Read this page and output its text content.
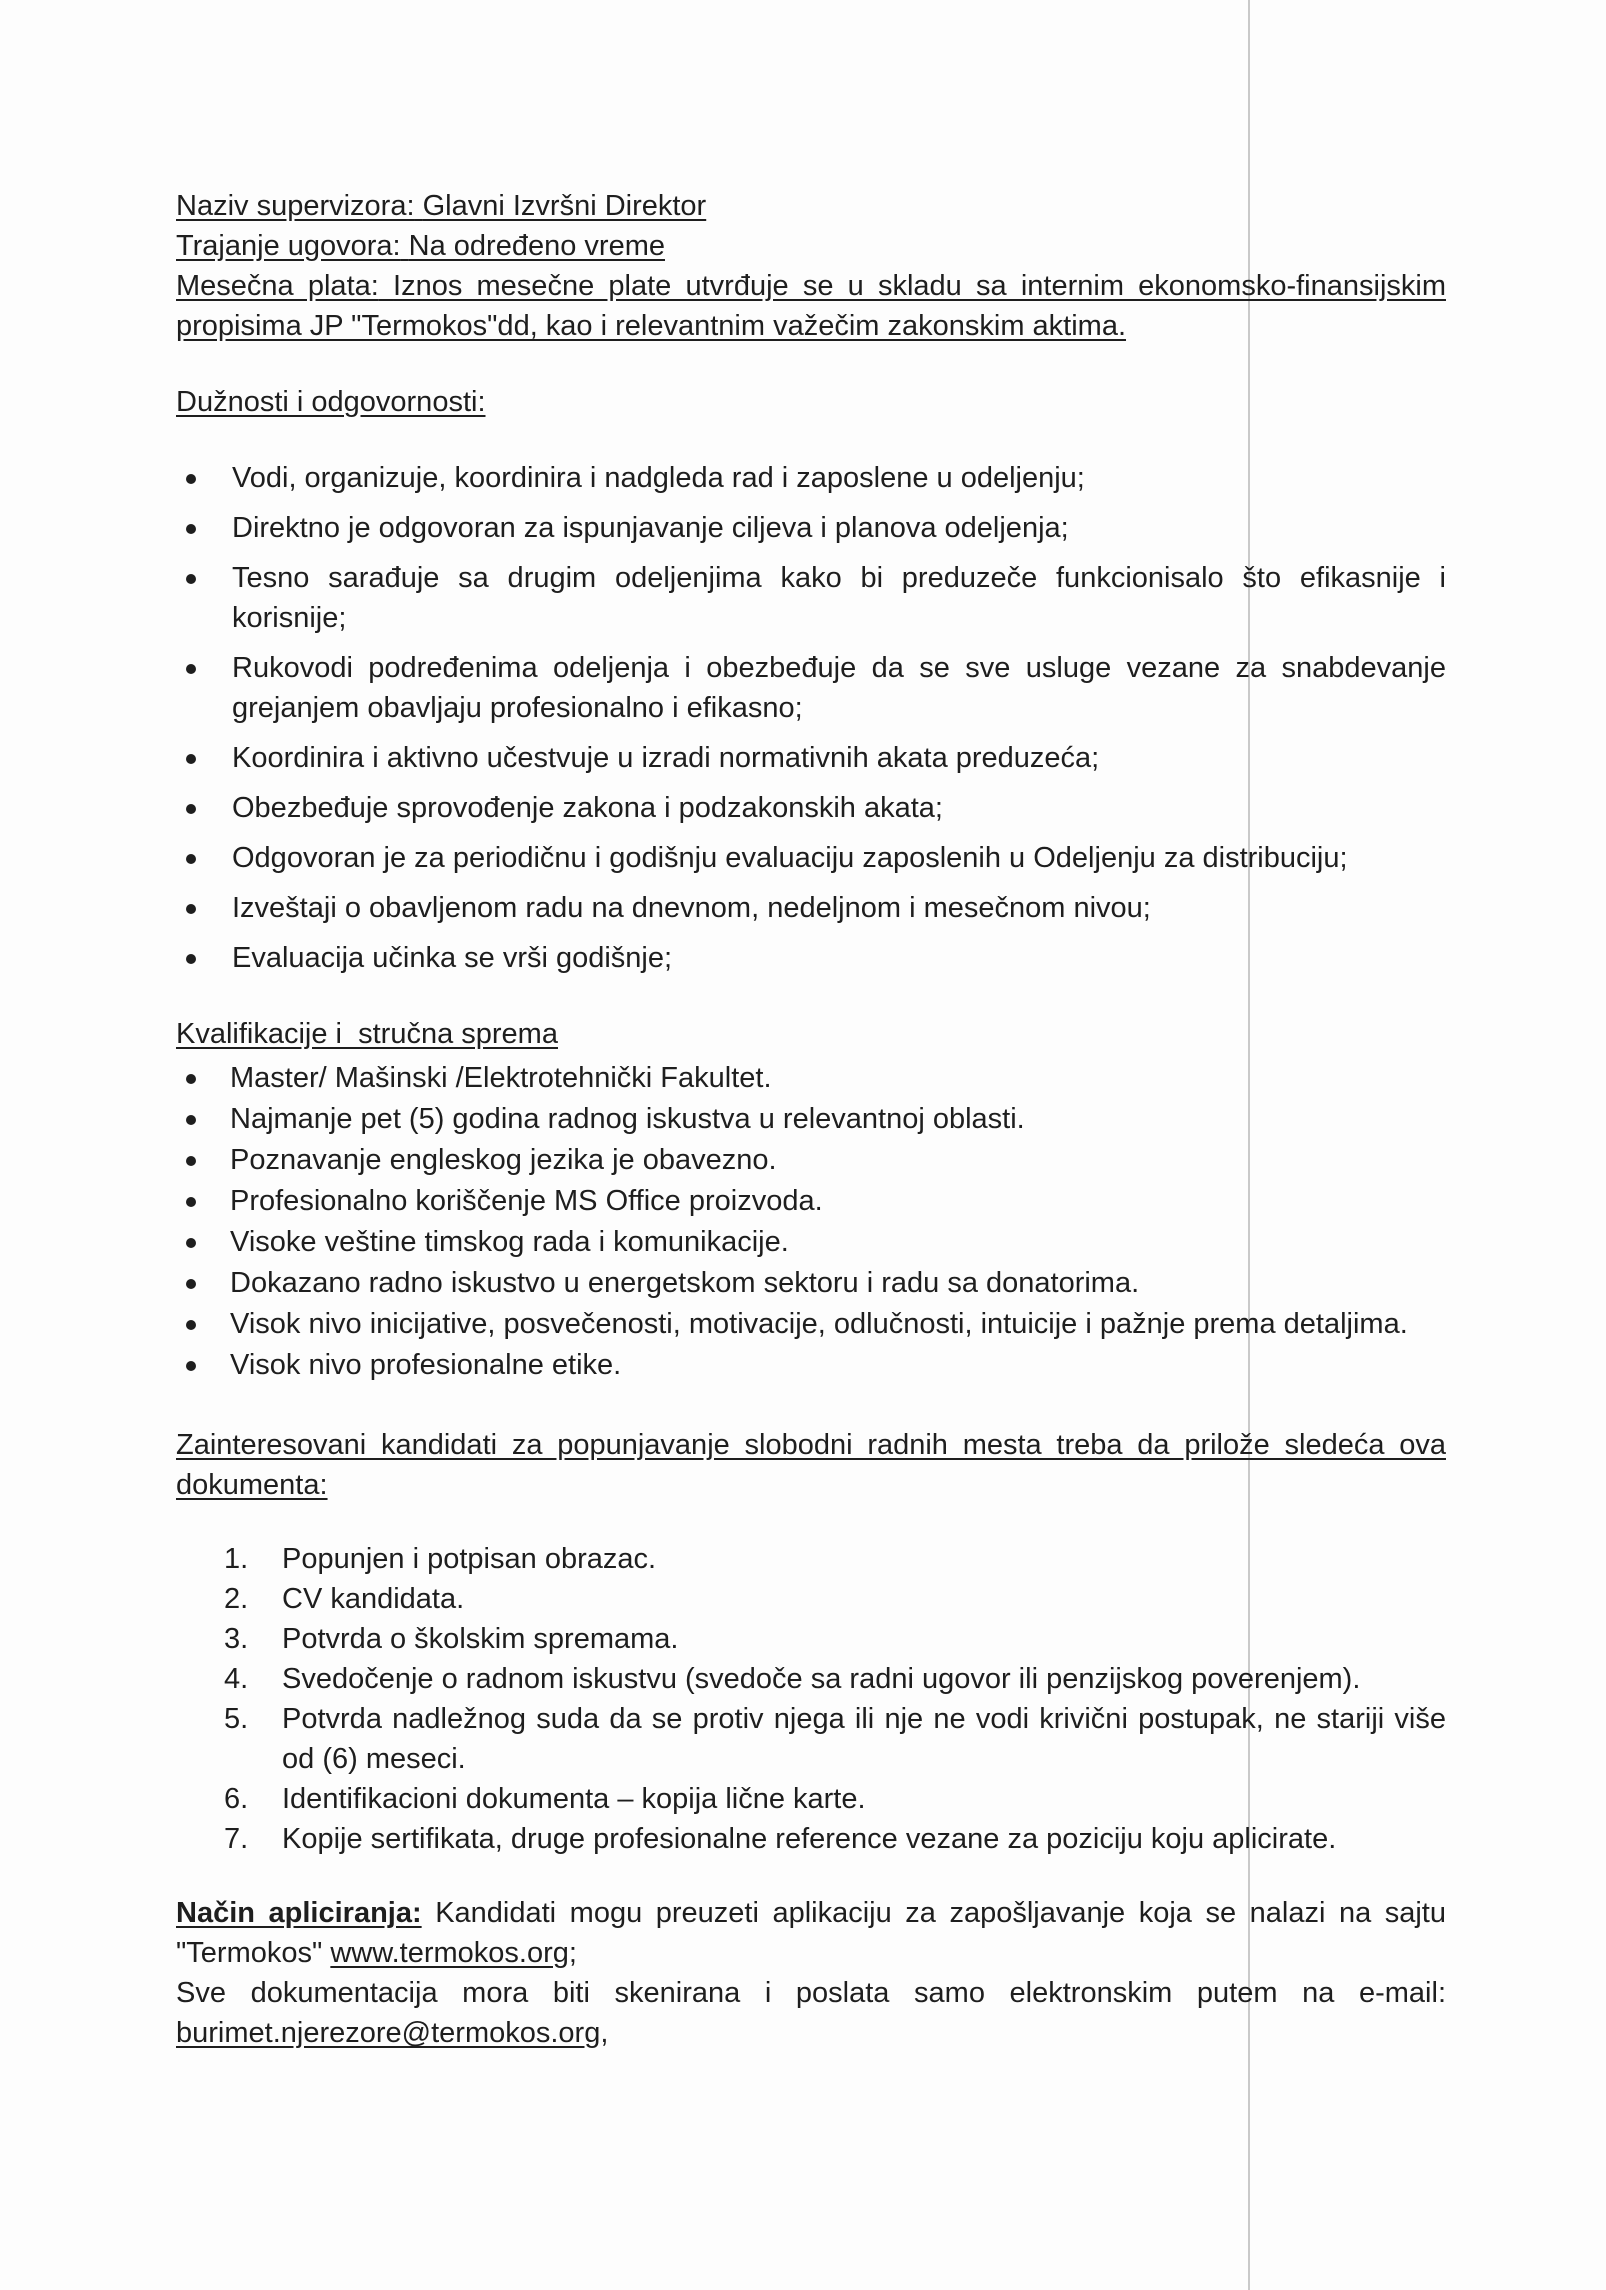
Naziv supervizora: Glavni Izvršni Direktor

Trajanje ugovora: Na određeno vreme

Mesečna plata: Iznos mesečne plate utvrđuje se u skladu sa internim ekonomsko-finansijskim propisima JP "Termokos"dd, kao i relevantnim važečim zakonskim aktima.

Dužnosti i odgovornosti:

Vodi, organizuje, koordinira i nadgleda rad i zaposlene u odeljenju;
Direktno je odgovoran za ispunjavanje ciljeva i planova odeljenja;
Tesno sarađuje sa drugim odeljenjima kako bi preduzeče funkcionisalo što efikasnije i korisnije;
Rukovodi podređenima odeljenja i obezbeđuje da se sve usluge vezane za snabdevanje grejanjem obavljaju profesionalno i efikasno;
Koordinira i aktivno učestvuje u izradi normativnih akata preduzeća;
Obezbeđuje sprovođenje zakona i podzakonskih akata;
Odgovoran je za periodičnu i godišnju evaluaciju zaposlenih u Odeljenju za distribuciju;
Izveštaji o obavljenom radu na dnevnom, nedeljnom i mesečnom nivou;
Evaluacija učinka se vrši godišnje;

Kvalifikacije i  stručna sprema

Master/ Mašinski /Elektrotehnički Fakultet.
Najmanje pet (5) godina radnog iskustva u relevantnoj oblasti.
Poznavanje engleskog jezika je obavezno.
Profesionalno koriščenje MS Office proizvoda.
Visoke veštine timskog rada i komunikacije.
Dokazano radno iskustvo u energetskom sektoru i radu sa donatorima.
Visok nivo inicijative, posvečenosti, motivacije, odlučnosti, intuicije i pažnje prema detaljima.
Visok nivo profesionalne etike.

Zainteresovani kandidati za popunjavanje slobodni radnih mesta treba da prilože sledeća ova dokumenta:

1. Popunjen i potpisan obrazac.
2. CV kandidata.
3. Potvrda o školskim spremama.
4. Svedočenje o radnom iskustvu (svedoče sa radni ugovor ili penzijskog poverenjem).
5. Potvrda nadležnog suda da se protiv njega ili nje ne vodi krivični postupak, ne stariji više od (6) meseci.
6. Identifikacioni dokumenta – kopija lične karte.
7. Kopije sertifikata, druge profesionalne reference vezane za poziciju koju aplicirate.

Način apliciranja: Kandidati mogu preuzeti aplikaciju za zapošljavanje koja se nalazi na sajtu "Termokos" www.termokos.org;

Sve dokumentacija mora biti skenirana i poslata samo elektronskim putem na e-mail: burimet.njerezore@termokos.org,
